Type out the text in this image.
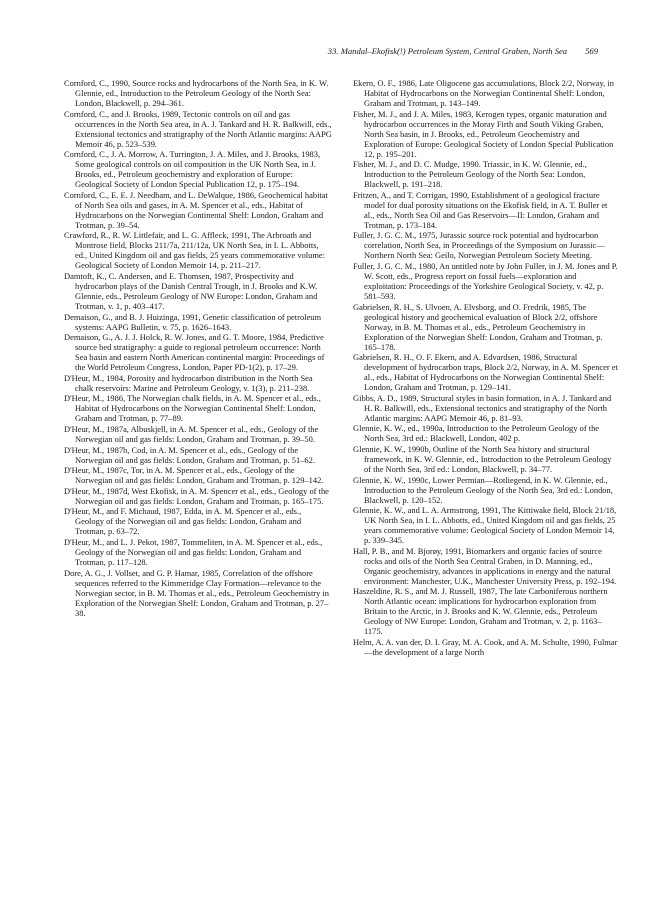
33. Mandal–Ekofisk(!) Petroleum System, Central Graben, North Sea 569

Cornford, C., 1990, Source rocks and hydrocarbons of the North Sea, in K. W. Glennie, ed., Introduction to the Petroleum Geology of the North Sea: London, Blackwell, p. 294–361.

Cornford, C., and J. Brooks, 1989, Tectonic controls on oil and gas occurrences in the North Sea area, in A. J. Tankard and H. R. Balkwill, eds., Extensional tectonics and stratigraphy of the North Atlantic margins: AAPG Memoir 46, p. 523–539.

Cornford, C., J. A. Morrow, A. Turrington, J. A. Miles, and J. Brooks, 1983, Some geological controls on oil composition in the UK North Sea, in J. Brooks, ed., Petroleum geochemistry and exploration of Europe: Geological Society of London Special Publication 12, p. 175–194.

Cornford, C., E. E. J. Needham, and L. DeWalque, 1986, Geochemical habitat of North Sea oils and gases, in A. M. Spencer et al., eds., Habitat of Hydrocarbons on the Norwegian Continental Shelf: London, Graham and Trotman, p. 39–54.

Crawford, R., R. W. Littlefair, and L. G. Affleck, 1991, The Arbroath and Montrose field, Blocks 211/7a, 211/12a, UK North Sea, in I. L. Abbotts, ed., United Kingdom oil and gas fields, 25 years commemorative volume: Geological Society of London Memoir 14, p. 211–217.

Damtoft, K., C. Andersen, and E. Thomsen, 1987, Prospectivity and hydrocarbon plays of the Danish Central Trough, in J. Brooks and K.W. Glennie, eds., Petroleum Geology of NW Europe: London, Graham and Trotman, v. 1, p. 403–417.

Demaison, G., and B. J. Huizinga, 1991, Genetic classification of petroleum systems: AAPG Bulletin, v. 75, p. 1626–1643.

Demaison, G., A. J. J. Holck, R. W. Jones, and G. T. Moore, 1984, Predictive source bed stratigraphy: a guide to regional petroleum occurrence: North Sea basin and eastern North American continental margin: Proceedings of the World Petroleum Congress, London, Paper PD-1(2), p. 17–29.

D'Heur, M., 1984, Porosity and hydrocarbon distribution in the North Sea chalk reservoirs: Marine and Petroleum Geology, v. 1(3), p. 211–238.

D'Heur, M., 1986, The Norwegian chalk fields, in A. M. Spencer et al., eds., Habitat of Hydrocarbons on the Norwegian Continental Shelf: London, Graham and Trotman, p. 77–89.

D'Heur, M., 1987a, Albuskjell, in A. M. Spencer et al., eds., Geology of the Norwegian oil and gas fields: London, Graham and Trotman, p. 39–50.

D'Heur, M., 1987b, Cod, in A. M. Spencer et al., eds., Geology of the Norwegian oil and gas fields: London, Graham and Trotman, p. 51–62.

D'Heur, M., 1987c, Tor, in A. M. Spencer et al., eds., Geology of the Norwegian oil and gas fields: London, Graham and Trotman, p. 129–142.

D'Heur, M., 1987d, West Ekofisk, in A. M. Spencer et al., eds., Geology of the Norwegian oil and gas fields: London, Graham and Trotman, p. 165–175.

D'Heur, M., and F. Michaud, 1987, Edda, in A. M. Spencer et al., eds., Geology of the Norwegian oil and gas fields: London, Graham and Trotman, p. 63–72.

D'Heur, M., and L. J. Pekot, 1987, Tommeliten, in A. M. Spencer et al., eds., Geology of the Norwegian oil and gas fields: London, Graham and Trotman, p. 117–128.

Dore, A. G., J. Vollset, and G. P. Hamar, 1985, Correlation of the offshore sequences referred to the Kimmeridge Clay Formation—relevance to the Norwegian sector, in B. M. Thomas et al., eds., Petroleum Geochemistry in Exploration of the Norwegian Shelf: London, Graham and Trotman, p. 27–38.

Ekern, O. F., 1986, Late Oligocene gas accumulations, Block 2/2, Norway, in Habitat of Hydrocarbons on the Norwegian Continental Shelf: London, Graham and Trotman, p. 143–149.

Fisher, M. J., and J. A. Miles, 1983, Kerogen types, organic maturation and hydrocarbon occurrences in the Moray Firth and South Viking Graben, North Sea basin, in J. Brooks, ed., Petroleum Geochemistry and Exploration of Europe: Geological Society of London Special Publication 12, p. 195–201.

Fisher, M. J., and D. C. Mudge, 1990. Triassic, in K. W. Glennie, ed., Introduction to the Petroleum Geology of the North Sea: London, Blackwell, p. 191–218.

Fritzen, A., and T. Corrigan, 1990, Establishment of a geological fracture model for dual porosity situations on the Ekofisk field, in A. T. Buller et al., eds., North Sea Oil and Gas Reservoirs—II: London, Graham and Trotman, p. 173–184.

Fuller, J. G. C. M., 1975, Jurassic source rock potential and hydrocarbon correlation, North Sea, in Proceedings of the Symposium on Jurassic—Northern North Sea: Geilo, Norwegian Petroleum Society Meeting.

Fuller, J. G. C. M., 1980, An untitled note by John Fuller, in J. M. Jones and P. W. Scott, eds., Progress report on fossil fuels—exploration and exploitation: Proceedings of the Yorkshire Geological Society, v. 42, p. 581–593.

Gabrielsen, R. H., S. Ulvoen, A. Elvsborg, and O. Fredrik, 1985, The geological history and geochemical evaluation of Block 2/2, offshore Norway, in B. M. Thomas et al., eds., Petroleum Geochemistry in Exploration of the Norwegian Shelf: London, Graham and Trotman, p. 165–178.

Gabrielsen, R. H., O. F. Ekern, and A. Edvardsen, 1986, Structural development of hydrocarbon traps, Block 2/2, Norway, in A. M. Spencer et al., eds., Habitat of Hydrocarbons on the Norwegian Continental Shelf: London, Graham and Trotman, p. 129–141.

Gibbs, A. D., 1989, Structural styles in basin formation, in A. J. Tankard and H. R. Balkwill, eds., Extensional tectonics and stratigraphy of the North Atlantic margins: AAPG Memoir 46, p. 81–93.

Glennie, K. W., ed., 1990a, Introduction to the Petroleum Geology of the North Sea, 3rd ed.: Blackwell, London, 402 p.

Glennie, K. W., 1990b, Outline of the North Sea history and structural framework, in K. W. Glennie, ed., Introduction to the Petroleum Geology of the North Sea, 3rd ed.: London, Blackwell, p. 34–77.

Glennie, K. W., 1990c, Lower Permian—Rotliegend, in K. W. Glennie, ed., Introduction to the Petroleum Geology of the North Sea, 3rd ed.: London, Blackwell, p. 120–152.

Glennie, K. W., and L. A. Armstrong, 1991, The Kittiwake field, Block 21/18, UK North Sea, in I. L. Abbotts, ed., United Kingdom oil and gas fields, 25 years commemorative volume: Geological Society of London Memoir 14, p. 339–345.

Hall, P. B., and M. Bjorøy, 1991, Biomarkers and organic facies of source rocks and oils of the North Sea Central Graben, in D. Manning, ed., Organic geochemistry, advances in applications in energy and the natural environment: Manchester, U.K., Manchester University Press, p. 192–194.

Haszeldine, R. S., and M. J. Russell, 1987, The late Carboniferous northern North Atlantic ocean: implications for hydrocarbon exploration from Britain to the Arctic, in J. Brooks and K. W. Glennie, eds., Petroleum Geology of NW Europe: London, Graham and Trotman, v. 2, p. 1163–1175.

Helm, A. A. van der, D. I. Gray, M. A. Cook, and A. M. Schulte, 1990, Fulmar—the development of a large North
